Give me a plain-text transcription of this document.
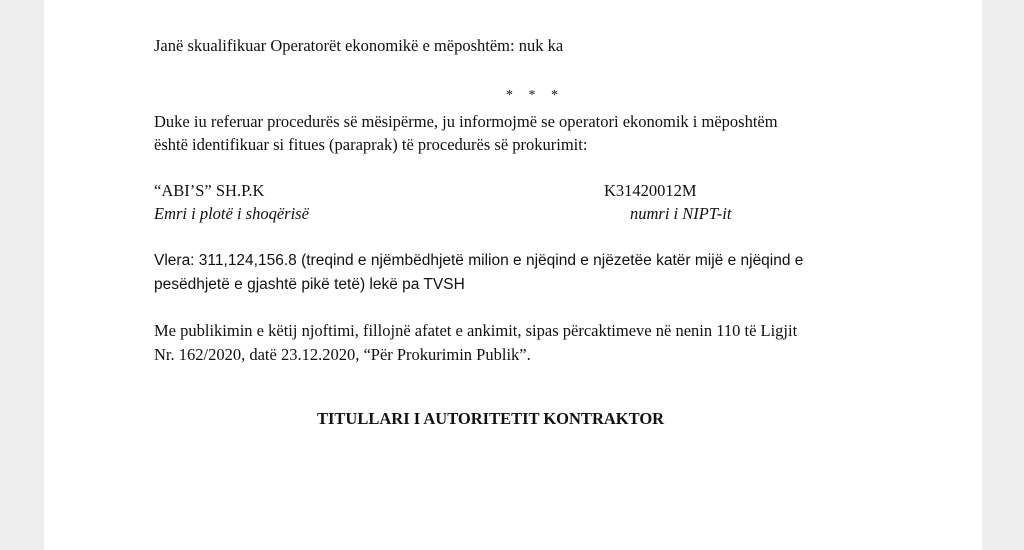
Janë skualifikuar Operatorët ekonomikë e mëposhtëm: nuk ka
* * *
Duke iu referuar procedurës së mësipërme, ju informojmë se operatori ekonomik i mëposhtëm
është identifikuar si fitues (paraprak) të procedurës së prokurimit:
“ABI’S” SH.P.K
Emri i plotë i shoqërisë
K31420012M
numri i NIPT-it
Vlera: 311,124,156.8 (treqind e njëmbëdhjetë milion e njëqind e njëzetëe katër mijë e njëqind e
pesëdhjetë e gjashtë pikë tetë) lekë pa TVSH
Me publikimin e këtij njoftimi, fillojnë afatet e ankimit, sipas përcaktimeve në nenin 110 të Ligjit
Nr. 162/2020, datë 23.12.2020, “Për Prokurimin Publik”.
TITULLARI I AUTORITETIT KONTRAKTOR
